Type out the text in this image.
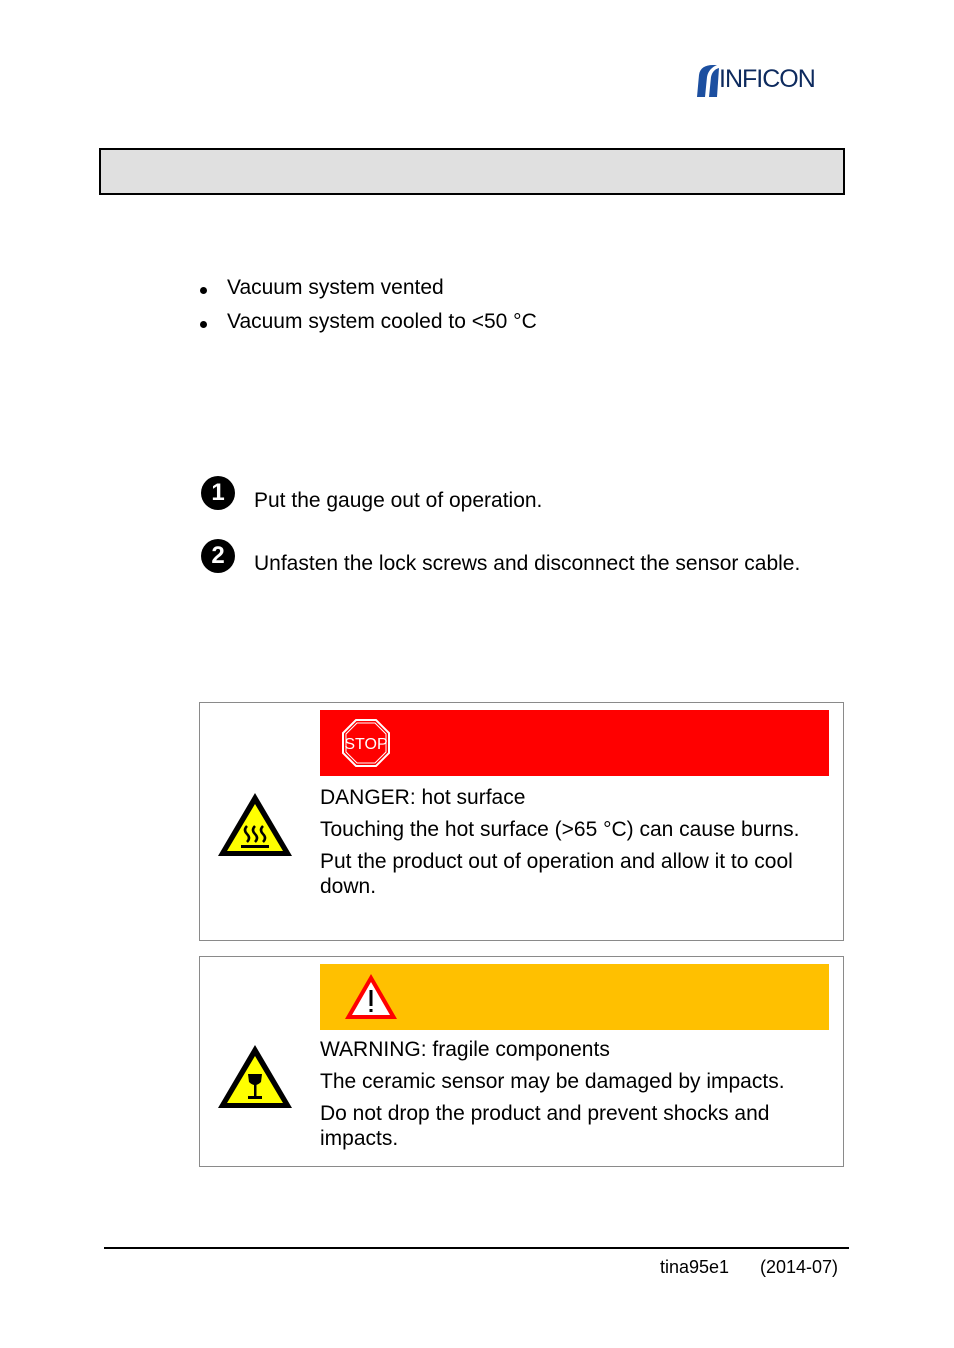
INFICON
Vacuum system vented
Vacuum system cooled to <50 °C
1	Put the gauge out of operation.
2	Unfasten the lock screws and disconnect the sensor cable.
STOP

DANGER: hot surface

Touching the hot surface (>65 °C) can cause burns.

Put the product out of operation and allow it to cool down.

WARNING: fragile components

The ceramic sensor may be damaged by impacts.

Do not drop the product and prevent shocks and impacts.

tina95e1 (2014-07)
